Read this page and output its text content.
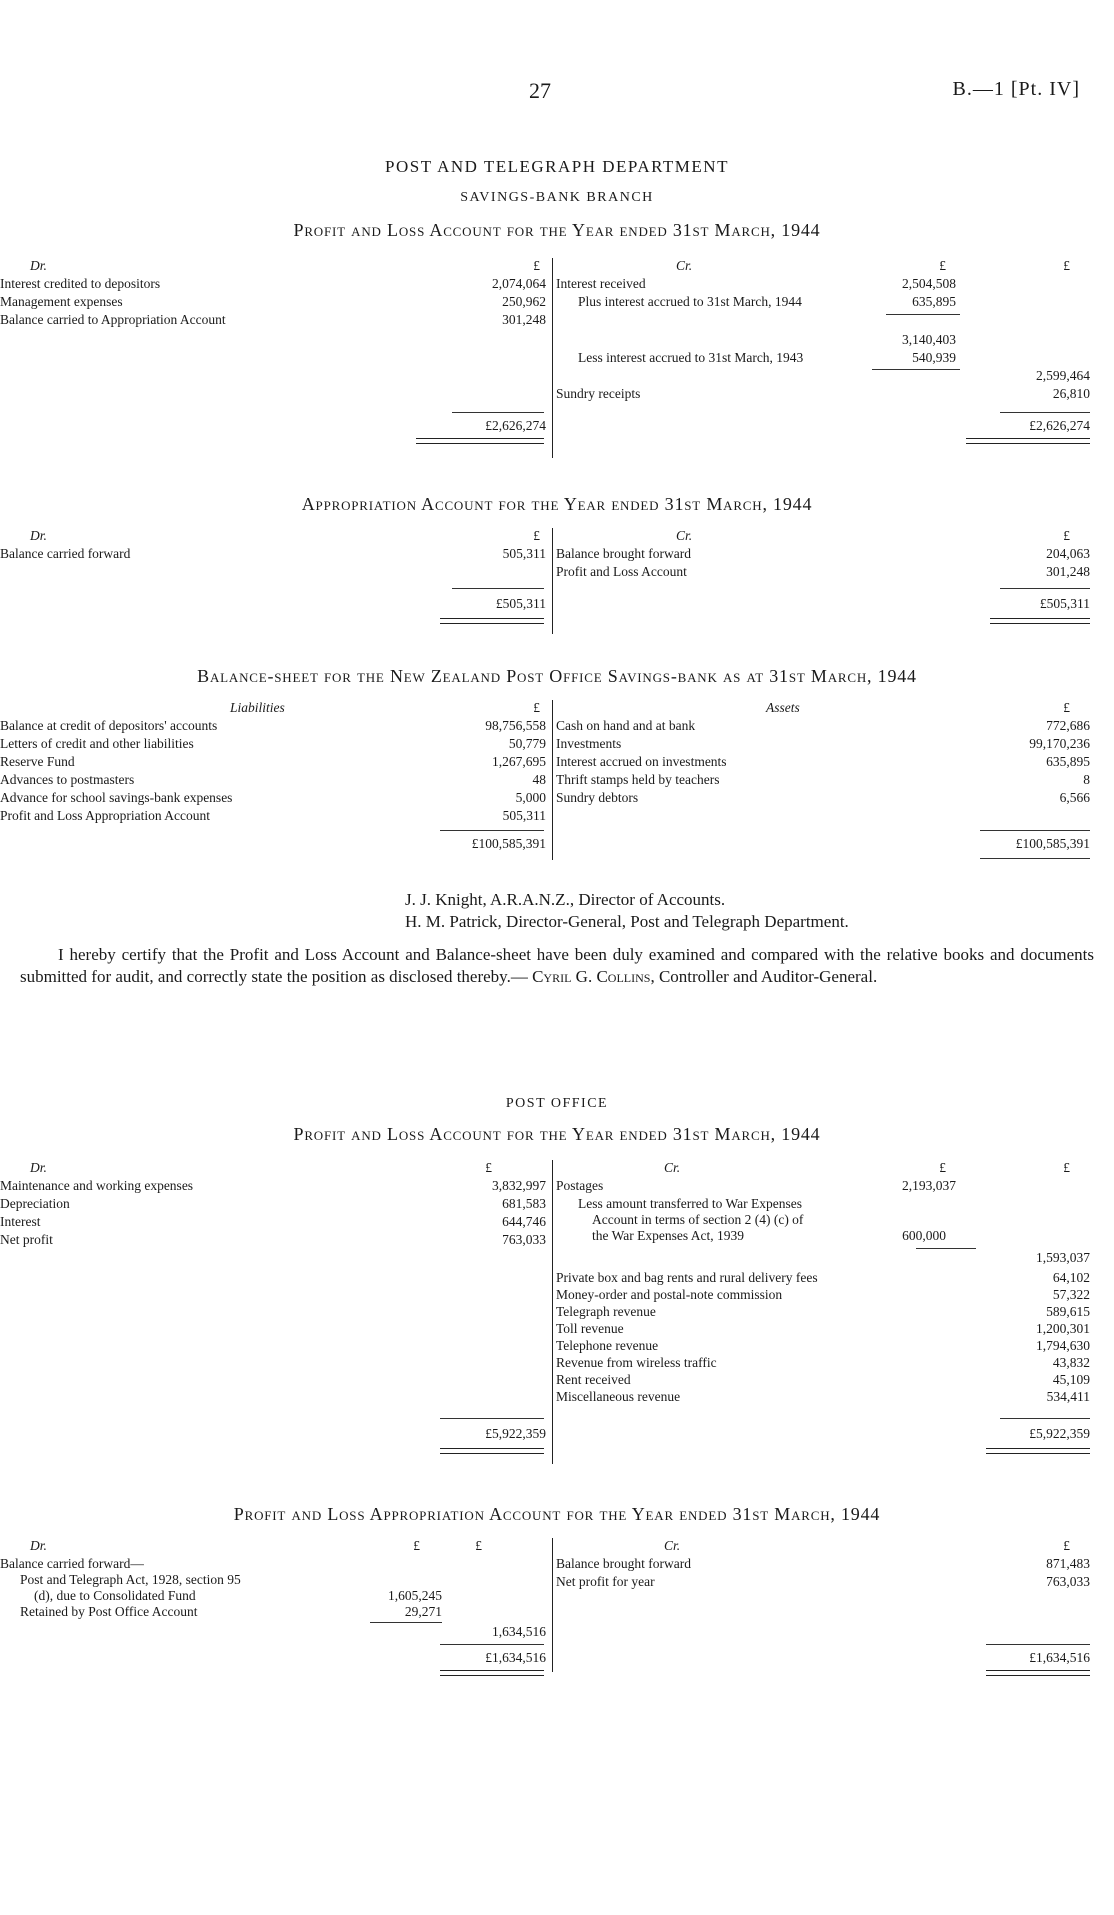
27	B.—1 [Pt. IV]
POST AND TELEGRAPH DEPARTMENT
SAVINGS-BANK BRANCH
Profit and Loss Account for the Year ended 31st March, 1944
Dr.	£
Interest credited to depositors	2,074,064
Management expenses	250,962
Balance carried to Appropriation Account	301,248
£2,626,274
Cr.	£	£
Interest received	2,504,508
Plus interest accrued to 31st March, 1944	635,895
3,140,403
Less interest accrued to 31st March, 1943	540,939
2,599,464
Sundry receipts	26,810
£2,626,274
Appropriation Account for the Year ended 31st March, 1944
Dr.	£
Balance carried forward	505,311
£505,311
Cr.	£
Balance brought forward	204,063
Profit and Loss Account	301,248
£505,311
Balance-sheet for the New Zealand Post Office Savings-bank as at 31st March, 1944
Liabilities	£
Balance at credit of depositors' accounts	98,756,558
Letters of credit and other liabilities	50,779
Reserve Fund	1,267,695
Advances to postmasters	48
Advance for school savings-bank expenses	5,000
Profit and Loss Appropriation Account	505,311
£100,585,391
Assets	£
Cash on hand and at bank	772,686
Investments	99,170,236
Interest accrued on investments	635,895
Thrift stamps held by teachers	8
Sundry debtors	6,566
£100,585,391
J. J. Knight, A.R.A.N.Z., Director of Accounts.
H. M. Patrick, Director-General, Post and Telegraph Department.
I hereby certify that the Profit and Loss Account and Balance-sheet have been duly examined and compared with the relative books and documents submitted for audit, and correctly state the position as disclosed thereby.— Cyril G. Collins, Controller and Auditor-General.
POST OFFICE
Profit and Loss Account for the Year ended 31st March, 1944
Dr.	£
Maintenance and working expenses	3,832,997
Depreciation	681,583
Interest	644,746
Net profit	763,033
£5,922,359
Cr.	£	£
Postages	2,193,037
Less amount transferred to War Expenses
Account in terms of section 2 (4) (c) of
the War Expenses Act, 1939	600,000
1,593,037
Private box and bag rents and rural delivery fees	64,102
Money-order and postal-note commission	57,322
Telegraph revenue	589,615
Toll revenue	1,200,301
Telephone revenue	1,794,630
Revenue from wireless traffic	43,832
Rent received	45,109
Miscellaneous revenue	534,411
£5,922,359
Profit and Loss Appropriation Account for the Year ended 31st March, 1944
Dr.	£	£
Balance carried forward—
Post and Telegraph Act, 1928, section 95
(d), due to Consolidated Fund	1,605,245
Retained by Post Office Account	29,271
1,634,516
£1,634,516
Cr.	£
Balance brought forward	871,483
Net profit for year	763,033
£1,634,516
